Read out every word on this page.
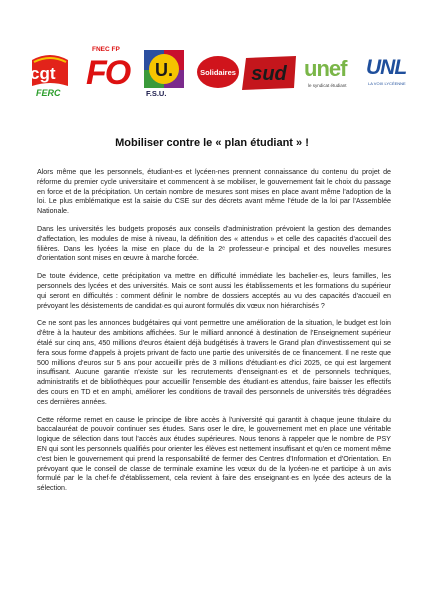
cgt
FERC
FNEC FP
FO U.
F.S.U.
Solidaires sud unef
le syndicat étudiant
UNL
LA VOIX LYCÉENNE
Mobiliser contre le « plan étudiant » !

Alors même que les personnels, étudiant-es et lycéen-nes prennent connaissance du contenu du projet de réforme du premier cycle universitaire et commencent à se mobiliser, le gouvernement fait le choix du passage en force et de la précipitation. Un certain nombre de mesures sont mises en place avant même l'adoption de la loi. Le plus emblématique est la saisie du CSE sur des décrets avant même l'étude de la loi par l'Assemblée Nationale.

Dans les universités les budgets proposés aux conseils d'administration prévoient la gestion des demandes d'affectation, les modules de mise à niveau, la définition des « attendus » et celle des capacités d'accueil des filières. Dans les lycées la mise en place du de la 2ᵉ professeur·e principal et des nouvelles mesures d'orientation sont mises en œuvre à marche forcée.

De toute évidence, cette précipitation va mettre en difficulté immédiate les bachelier·es, leurs familles, les personnels des lycées et des universités. Mais ce sont aussi les établissements et les formations du supérieur qui seront en difficultés : comment définir le nombre de dossiers acceptés au vu des capacités d'accueil en prévoyant les désistements de candidat·es qui auront formulés dix vœux non hiérarchisés ?

Ce ne sont pas les annonces budgétaires qui vont permettre une amélioration de la situation, le budget est loin d'être à la hauteur des ambitions affichées. Sur le milliard annoncé à destination de l'Enseignement supérieur étalé sur cinq ans, 450 millions d'euros étaient déjà budgétisés à travers le Grand plan d'investissement qui se fera sous forme d'appels à projets privant de facto une partie des universités de ce financement. Il ne reste que 500 millions d'euros sur 5 ans pour accueillir près de 3 millions d'étudiant·es d'ici 2025, ce qui est largement insuffisant. Aucune garantie n'existe sur les recrutements d'enseignant·es et de personnels techniques, administratifs et de bibliothèques pour accueillir l'ensemble des étudiant·es attendus, faire baisser les effectifs des cours en TD et en amphi, améliorer les conditions de travail des personnels de universités très dégradées ces dernières années.

Cette réforme remet en cause le principe de libre accès à l'université qui garantit à chaque jeune titulaire du baccalauréat de pouvoir continuer ses études. Sans oser le dire, le gouvernement met en place une véritable logique de sélection dans tout l'accès aux études supérieures. Nous tenons à rappeler que le nombre de PSY EN qui sont les personnels qualifiés pour orienter les élèves est nettement insuffisant et qu'en ce moment même c'est bien le gouvernement qui prend la responsabilité de fermer des Centres d'Information et d'Orientation. En prévoyant que le conseil de classe de terminale examine les vœux du de la lycéen·ne et participe à un avis formulé par le la chef·fe d'établissement, cela revient à faire des enseignant·es en lycée des acteurs de la sélection.
